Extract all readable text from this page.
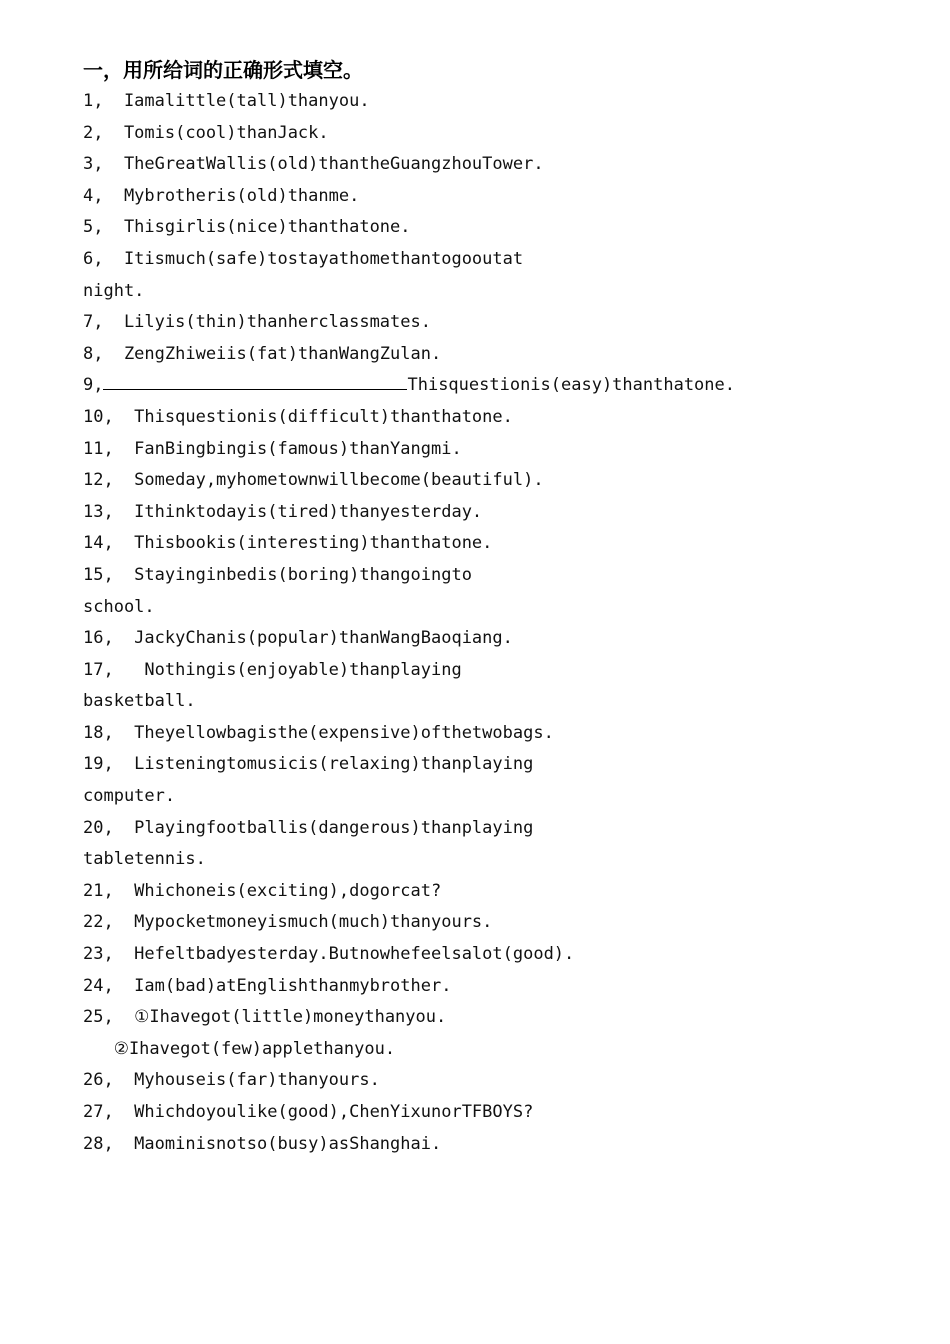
一，用所给词的正确形式填空。
1,  Iamalittle(tall)thanyou.
2,  Tomis(cool)thanJack.
3,  TheGreatWallis(old)thantheGuangzhouTower.
4,  Mybrotheris(old)thanme.
5,  Thisgirlis(nice)thanthatone.
6,  Itismuch(safe)tostayathomethantogooutat
night.
7,  Lilyis(thin)thanherclassmates.
8,  ZengZhiweiis(fat)thanWangZulan.
9,	Thisquestionis(easy)thanthatone.
10,  Thisquestionis(difficult)thanthatone.
11,  FanBingbingis(famous)thanYangmi.
12,  Someday,myhometownwillbecome(beautiful).
13,  Ithinktodayis(tired)thanyesterday.
14,  Thisbookis(interesting)thanthatone.
15,  Stayinginbedis(boring)thangoingto
school.
16,  JackyChanis(popular)thanWangBaoqiang.
17,   Nothingis(enjoyable)thanplaying
basketball.
18,  Theyellowbagisthe(expensive)ofthetwobags.
19,  Listeningtomusicis(relaxing)thanplaying
computer.
20,  Playingfootballis(dangerous)thanplaying
tabletennis.
21,  Whichoneis(exciting),dogorcat?
22,  Mypocketmoneyismuch(much)thanyours.
23,  Hefeltbadyesterday.Butnowhefeelsalot(good).
24,  Iam(bad)atEnglishthanmybrother.
25,  ①Ihavegot(little)moneythanyou.
②Ihavegot(few)applethanyou.
26,  Myhouseis(far)thanyours.
27,  Whichdoyoulike(good),ChenYixunorTFBOYS?
28,  Maominisnotso(busy)asShanghai.
